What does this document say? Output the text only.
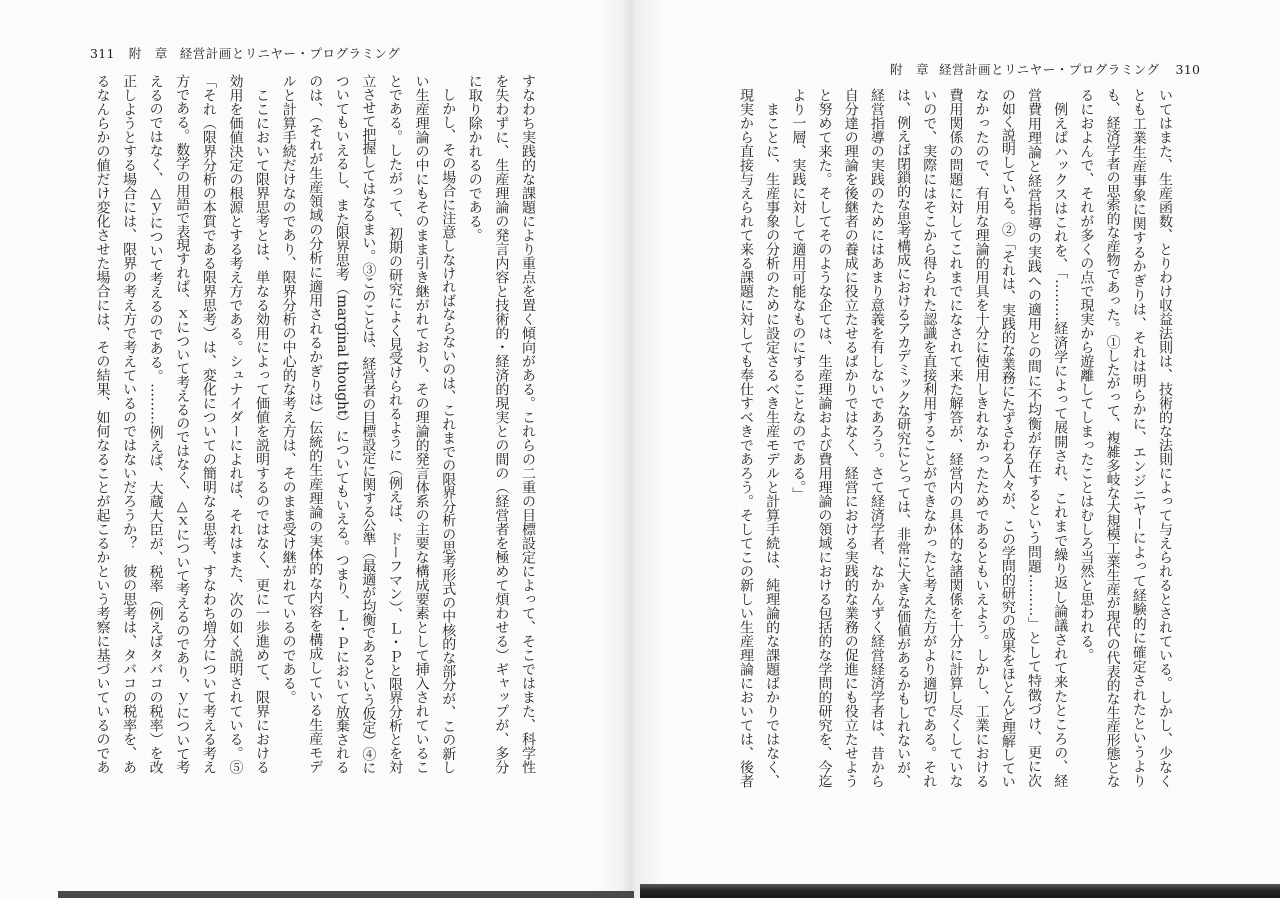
311 附　章 経営計画とリニヤー・プログラミング
すなわち実践的な課題により重点を置く傾向がある。これらの二重の目標設定によって、そこではまた、科学性
を失わずに、生産理論の発言内容と技術的・経済的現実との間の（経営者を極めて煩わせる）ギャップが、多分
に取り除かれるのである。
　しかし、その場合に注意しなければならないのは、これまでの限界分析の思考形式の中核的な部分が、この新し
い生産理論の中にもそのまま引き継がれており、その理論的発言体系の主要な構成要素として挿入されているこ
とである。したがって、初期の研究によく見受けられるように（例えば、ドーフマン）、Ｌ・Ｐと限界分析とを対
立させて把握してはなるまい。③このことは、経営者の目標設定に関する公準（最適が均衡であるという仮定）④に
ついてもいえるし、また限界思考（marginal thought）についてもいえる。つまり、Ｌ・Ｐにおいて放棄される
のは、（それが生産領域の分析に適用されるかぎりは）伝統的生産理論の実体的な内容を構成している生産モデ
ルと計算手続だけなのであり、限界分析の中心的な考え方は、そのまま受け継がれているのである。
　ここにおいて限界思考とは、単なる効用によって価値を説明するのではなく、更に一歩進めて、限界における
効用を価値決定の根源とする考え方である。シュナイダーによれば、それはまた、次の如く説明されている。⑤
「それ（限界分析の本質である限界思考）は、変化についての簡明なる思考、すなわち増分について考える考え
方である。数学の用語で表現すれば、ｘについて考えるのではなく、△ｘについて考えるのであり、ｙについて考
えるのではなく、△ｙについて考えるのである。………例えば、大蔵大臣が、税率（例えばタバコの税率）を改
正しようとする場合には、限界の考え方で考えているのではないだろうか？　彼の思考は、タバコの税率を、あ
るなんらかの値だけ変化させた場合には、その結果、如何なることが起こるかという考察に基づいているのであ
附　章 経営計画とリニヤー・プログラミング 310
いてはまた、生産函数、とりわけ収益法則は、技術的な法則によって与えられるとされている。しかし、少なく
とも工業生産事象に関するかぎりは、それは明らかに、エンジニヤーによって経験的に確定されたというより
も、経済学者の思索的な産物であった。①したがって、複雑多岐な大規模工業生産が現代の代表的な生産形態とな
るにおよんで、それが多くの点で現実から遊離してしまったことはむしろ当然と思われる。
　例えばハックスはこれを、「………経済学によって展開され、これまで繰り返し論議されて来たところの、経
営費用理論と経営指導の実践への適用との間に不均衡が存在するという問題………」として特徴づけ、更に次
の如く説明している。②「それは、実践的な業務にたずさわる人々が、この学問的研究の成果をほとんど理解してい
なかったので、有用な理論的用具を十分に使用しきれなかったためであるともいえよう。しかし、工業における
費用関係の問題に対してこれまでになされて来た解答が、経営内の具体的な諸関係を十分に計算し尽くしていな
いので、実際にはそこから得られた認識を直接利用することができなかったと考えた方がより適切である。それ
は、例えば閉鎖的な思考構成におけるアカデミックな研究にとっては、非常に大きな価値があるかもしれないが、
経営指導の実践のためにはあまり意義を有しないであろう。さて経済学者、なかんずく経営経済学者は、昔から
自分達の理論を後継者の養成に役立たせるばかりではなく、経営における実践的な業務の促進にも役立たせよう
と努めて来た。そしてそのような企ては、生産理論および費用理論の領域における包括的な学問的研究を、今迄
より一層、実践に対して適用可能なものにすることなのである。」
　まことに、生産事象の分析のために設定さるべき生産モデルと計算手続は、純理論的な課題ばかりではなく、
現実から直接与えられて来る課題に対しても奉仕すべきであろう。そしてこの新しい生産理論においては、後者
